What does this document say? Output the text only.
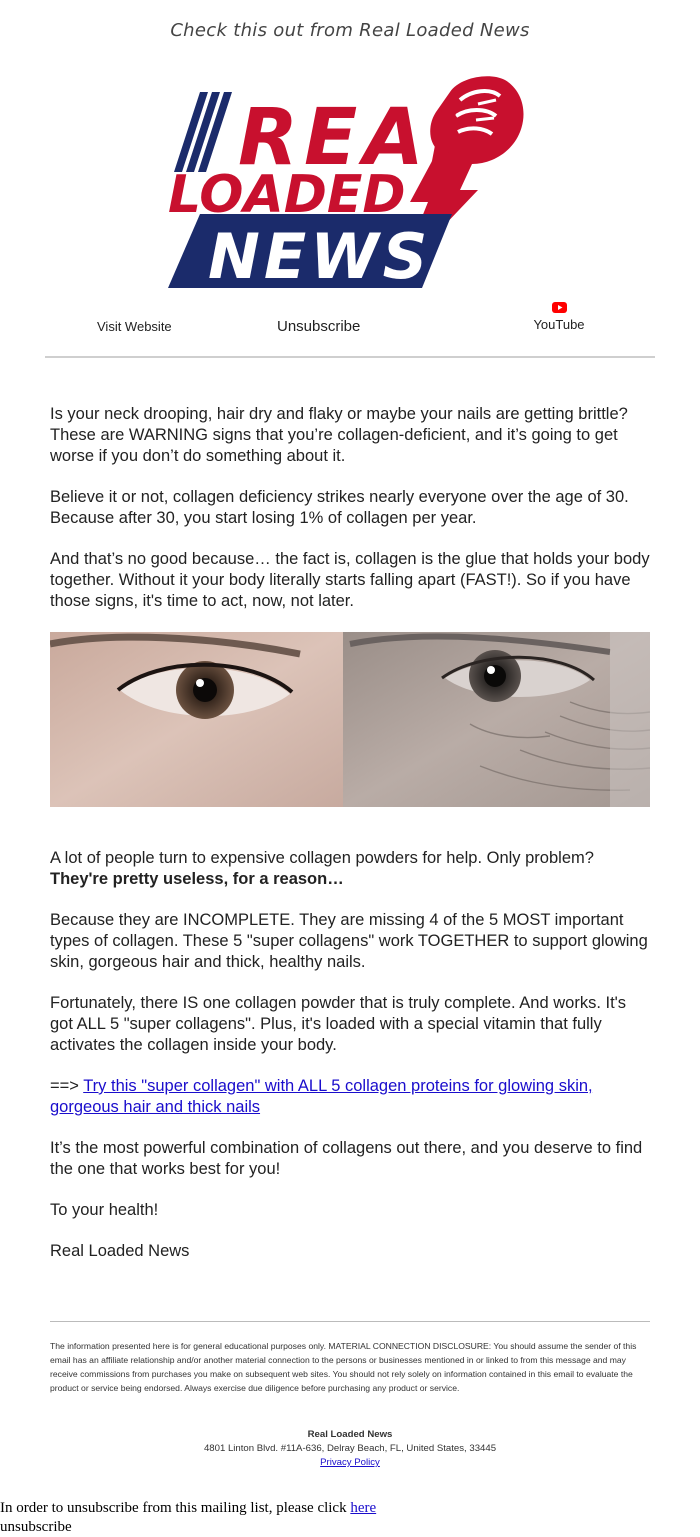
Check this out from Real Loaded News
REAL
LOADED
NEWS
Visit Website	Unsubscribe	YouTube

Is your neck drooping, hair dry and flaky or maybe your nails are getting brittle? These are WARNING signs that you’re collagen-deficient, and it’s going to get worse if you don’t do something about it.

Believe it or not, collagen deficiency strikes nearly everyone over the age of 30. Because after 30, you start losing 1% of collagen per year.

And that’s no good because… the fact is, collagen is the glue that holds your body together. Without it your body literally starts falling apart (FAST!). So if you have those signs, it's time to act, now, not later.

A lot of people turn to expensive collagen powders for help. Only problem? They're pretty useless, for a reason…

Because they are INCOMPLETE. They are missing 4 of the 5 MOST important types of collagen. These 5 "super collagens" work TOGETHER to support glowing skin, gorgeous hair and thick, healthy nails.

Fortunately, there IS one collagen powder that is truly complete. And works. It's got ALL 5 "super collagens". Plus, it's loaded with a special vitamin that fully activates the collagen inside your body.

==> Try this "super collagen" with ALL 5 collagen proteins for glowing skin, gorgeous hair and thick nails

It’s the most powerful combination of collagens out there, and you deserve to find the one that works best for you!

To your health!

Real Loaded News

The information presented here is for general educational purposes only. MATERIAL CONNECTION DISCLOSURE: You should assume the sender of this email has an affiliate relationship and/or another material connection to the persons or businesses mentioned in or linked to from this message and may receive commissions from purchases you make on subsequent web sites. You should not rely solely on information contained in this email to evaluate the product or service being endorsed. Always exercise due diligence before purchasing any product or service.
Real Loaded News
4801 Linton Blvd. #11A-636, Delray Beach, FL, United States, 33445
Privacy Policy
In order to unsubscribe from this mailing list, please click here
unsubscribe
